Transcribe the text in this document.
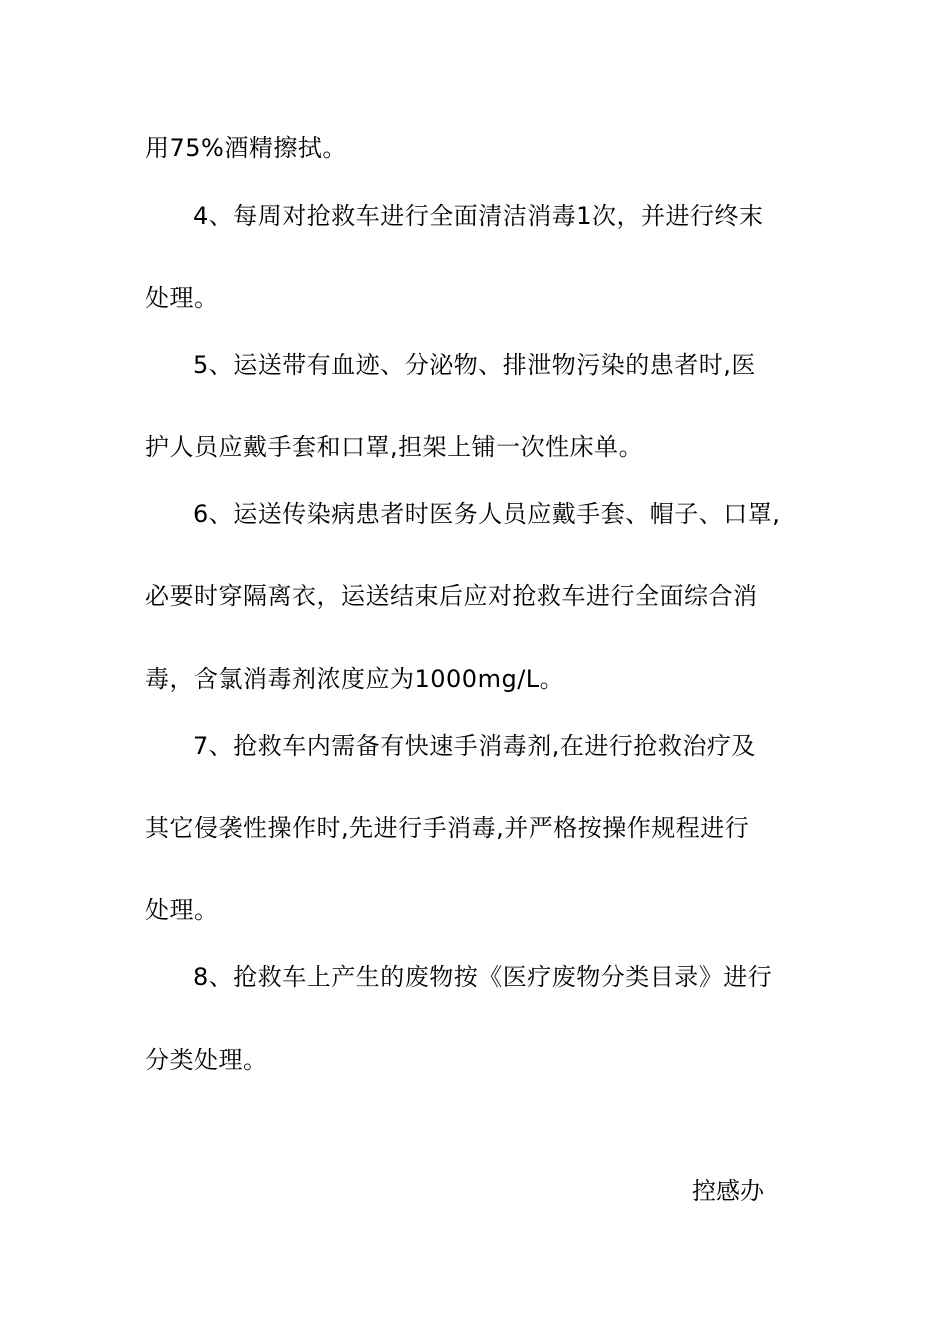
用75%酒精擦拭。
4、每周对抢救车进行全面清洁消毒1次，并进行终末
处理。
5、运送带有血迹、分泌物、排泄物污染的患者时,医
护人员应戴手套和口罩,担架上铺一次性床单。
6、运送传染病患者时医务人员应戴手套、帽子、口罩,
必要时穿隔离衣，运送结束后应对抢救车进行全面综合消
毒，含氯消毒剂浓度应为1000mg/L。
7、抢救车内需备有快速手消毒剂,在进行抢救治疗及
其它侵袭性操作时,先进行手消毒,并严格按操作规程进行
处理。
8、抢救车上产生的废物按《医疗废物分类目录》进行
分类处理。
控感办
